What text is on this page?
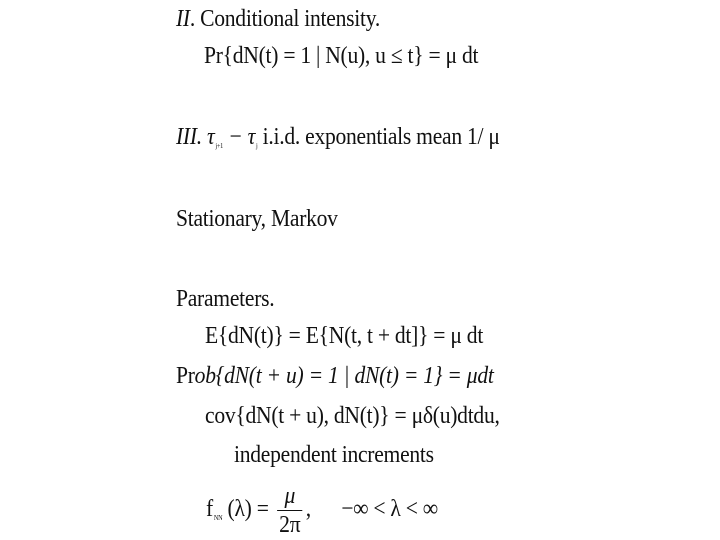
II. Conditional intensity.
Pr{dN(t) = 1 | N(u), u ≤ t} = μ dt
III. $\tau_{j+1} - \tau_j$ i.i.d. exponentials mean 1/ μ
Stationary, Markov
Parameters.
E{dN(t)} = E{N(t, t + dt]} = μ dt
Prob{dN(t + u) = 1 | dN(t) = 1} = μdt
cov{dN(t + u), dN(t)} = μδ(u)dtdu,
independent increments
$f_{NN}$ $(\lambda) = \frac{\mu}{2\pi}$ , −∞ < λ < ∞
